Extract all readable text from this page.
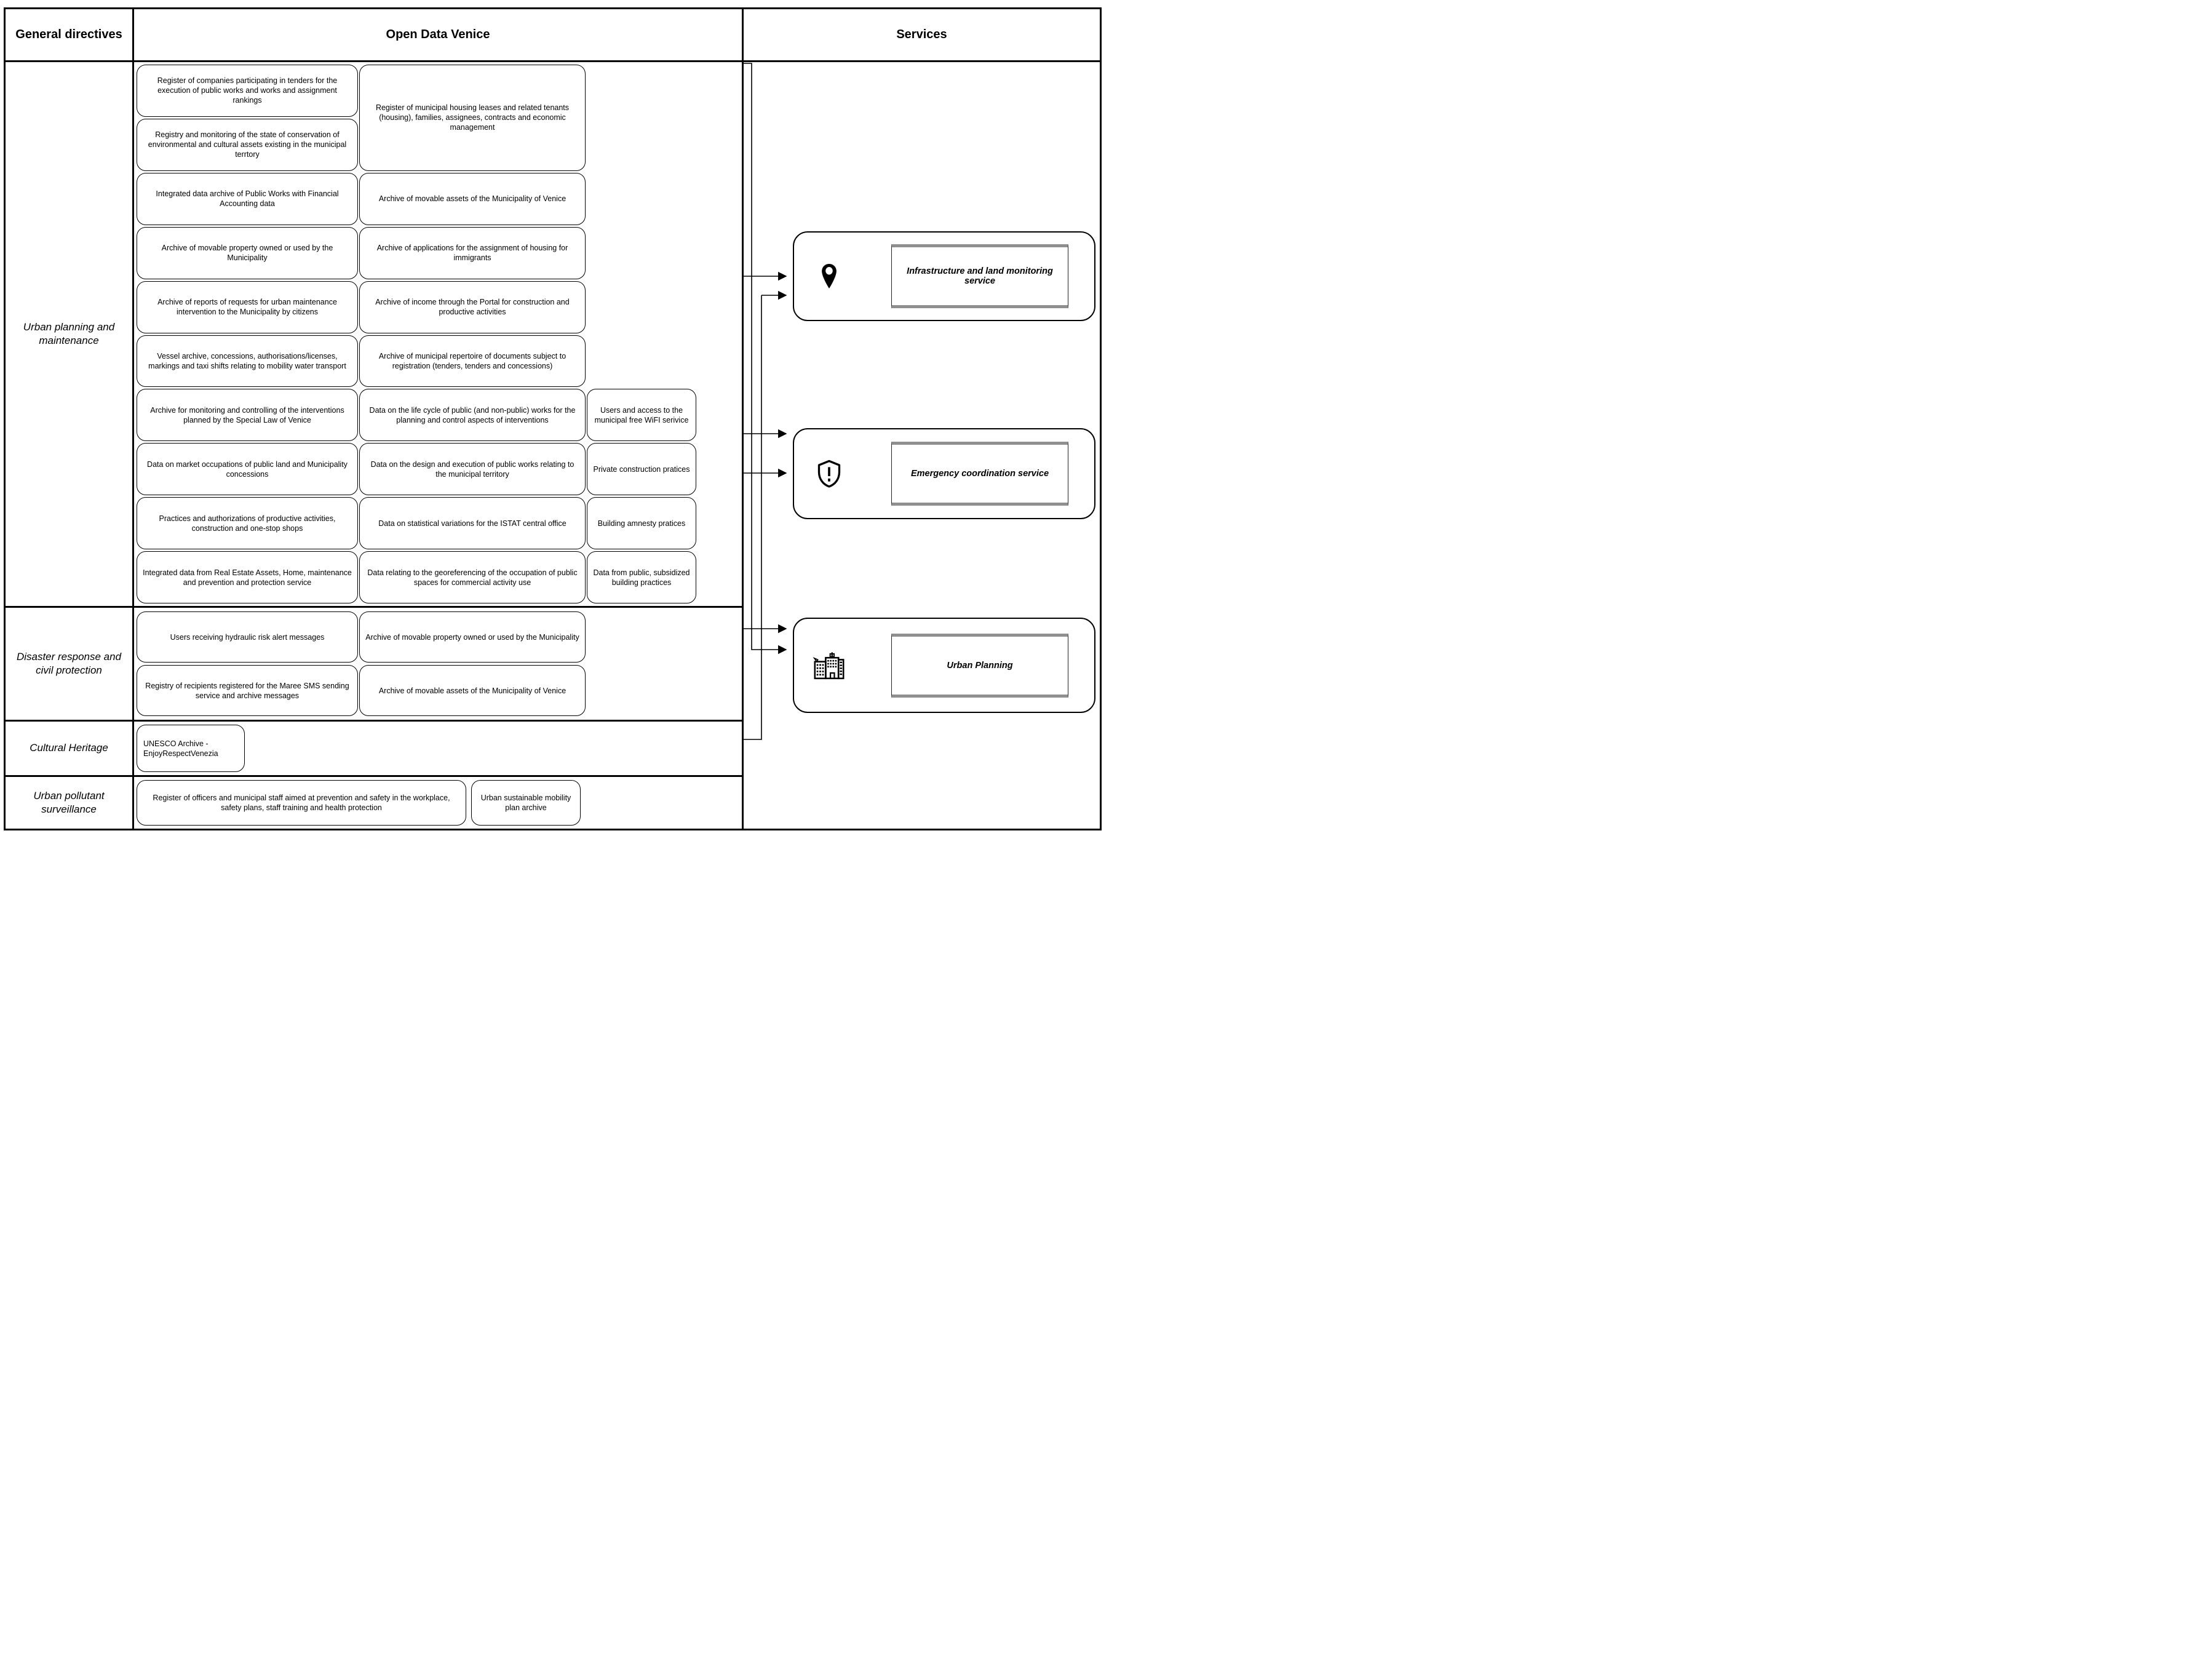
General directives
Urban planning and maintenance
Disaster response and civil protection
Cultural Heritage
Urban pollutant surveillance
Open Data Venice
Register of companies participating in tenders for the execution of public works and works and assignment rankings
Registry and monitoring of the state of conservation of environmental and cultural assets existing in the municipal terrtory
Integrated data archive of Public Works with Financial Accounting data
Archive of movable property owned or used by the Municipality
Archive of reports of requests for urban maintenance intervention to the Municipality by citizens
Vessel archive, concessions, authorisations/licenses, markings and taxi shifts relating to mobility water transport
Archive for monitoring and controlling of the interventions planned by the Special Law of Venice
Data on market occupations of public land and Municipality concessions
Practices and authorizations of productive activities, construction and one-stop shops
Integrated data from Real Estate Assets, Home, maintenance and prevention and protection service
Register of municipal housing leases and related tenants (housing), families, assignees, contracts and economic management
Archive of movable assets of the Municipality of Venice
Archive of applications for the assignment of housing for immigrants
Archive of income through the Portal for construction and productive activities
Archive of municipal repertoire of documents subject to registration (tenders, tenders and concessions)
Data on the life cycle of public (and non-public) works for the planning and control aspects of interventions
Data on the design and execution of public works relating to the municipal territory
Data on statistical variations for the ISTAT central office
Data relating to the georeferencing of the occupation of public spaces for commercial activity use
Users and access to the municipal free WiFI serivice
Private construction pratices
Building amnesty pratices
Data from public, subsidized building practices
Users receiving hydraulic risk alert messages
Registry of recipients registered for the Maree SMS sending service and archive messages
Archive of movable property owned or used by the Municipality
Archive of movable assets of the Municipality of Venice
UNESCO Archive - EnjoyRespectVenezia
Register of officers and municipal staff aimed at prevention and safety in the workplace, safety plans, staff training and health protection
Urban sustainable mobility plan archive
Services
Infrastructure and land monitoring service
Emergency coordination service
Urban Planning
